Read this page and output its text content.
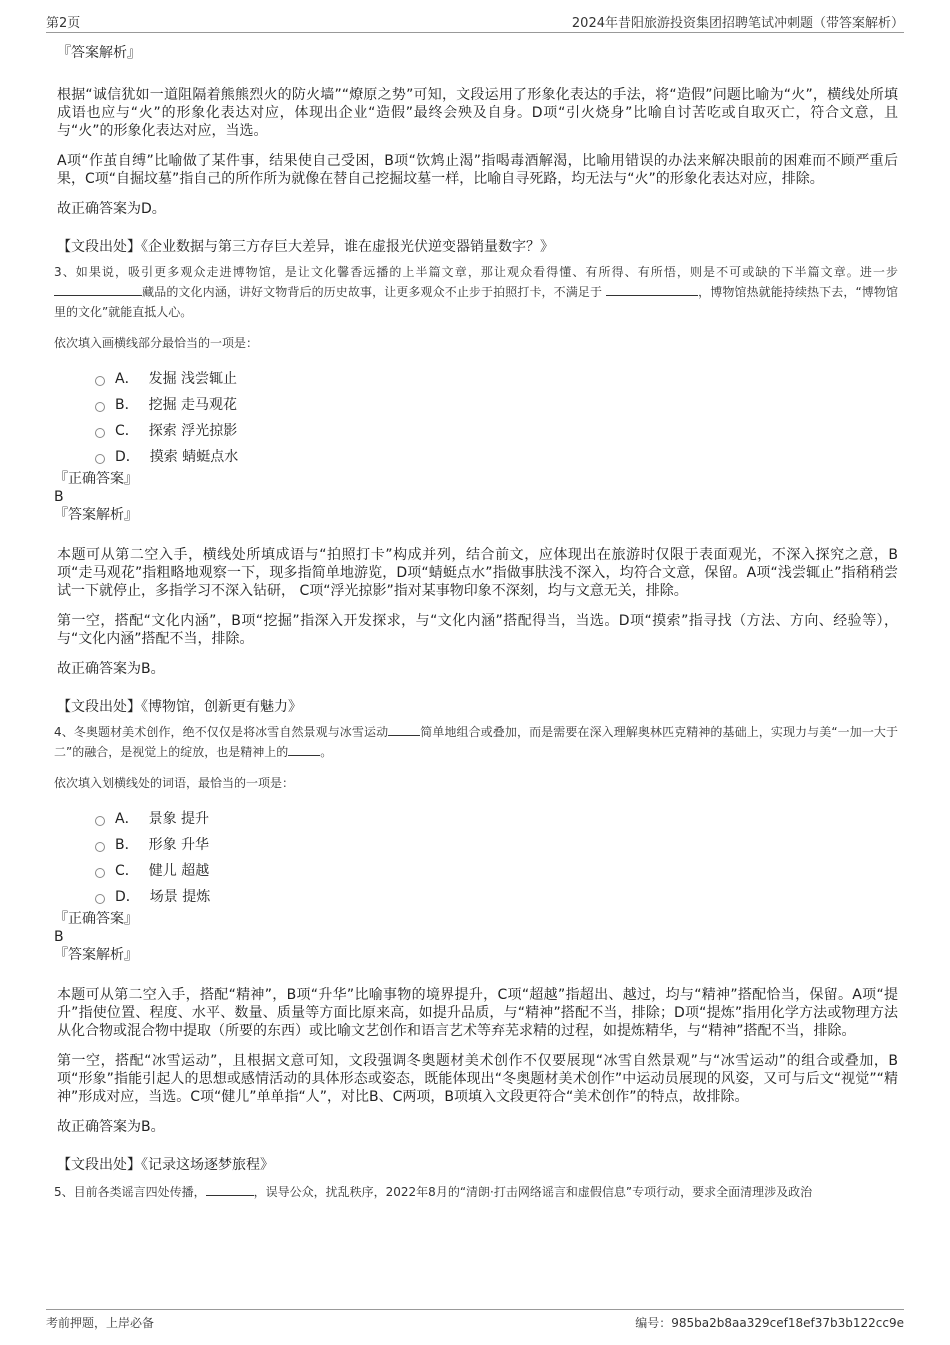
第2页	2024年昔阳旅游投资集团招聘笔试冲刺题（带答案解析）
『答案解析』

根据“诚信犹如一道阻隔着熊熊烈火的防火墙”“燎原之势”可知，文段运用了形象化表达的手法，将“造假”问题比喻为“火”，横线处所填成语也应与“火”的形象化表达对应，体现出企业“造假”最终会殃及自身。D项“引火烧身”比喻自讨苦吃或自取灭亡，符合文意，且与“火”的形象化表达对应，当选。

A项“作茧自缚”比喻做了某件事，结果使自己受困，B项“饮鸩止渴”指喝毒酒解渴，比喻用错误的办法来解决眼前的困难而不顾严重后果，C项“自掘坟墓”指自己的所作所为就像在替自己挖掘坟墓一样，比喻自寻死路，均无法与“火”的形象化表达对应，排除。

故正确答案为D。

【文段出处】《企业数据与第三方存巨大差异，谁在虚报光伏逆变器销量数字？》

3、如果说，吸引更多观众走进博物馆，是让文化馨香远播的上半篇文章，那让观众看得懂、有所得、有所悟，则是不可或缺的下半篇文章。进一步 藏品的文化内涵，讲好文物背后的历史故事，让更多观众不止步于拍照打卡，不满足于	，博物馆热就能持续热下去，“博物馆里的文化”就能直抵人心。

依次填入画横线部分最恰当的一项是：

A． 发掘 浅尝辄止
B． 挖掘 走马观花
C． 探索 浮光掠影
D． 摸索 蜻蜓点水
『正确答案』
B
『答案解析』

本题可从第二空入手，横线处所填成语与“拍照打卡”构成并列，结合前文，应体现出在旅游时仅限于表面观光，不深入探究之意，B项“走马观花”指粗略地观察一下，现多指简单地游览，D项“蜻蜓点水”指做事肤浅不深入，均符合文意，保留。A项“浅尝辄止”指稍稍尝试一下就停止，多指学习不深入钻研， C项“浮光掠影”指对某事物印象不深刻，均与文意无关，排除。

第一空，搭配“文化内涵”，B项“挖掘”指深入开发探求，与“文化内涵”搭配得当，当选。D项“摸索”指寻找（方法、方向、经验等），与“文化内涵”搭配不当，排除。

故正确答案为B。

【文段出处】《博物馆，创新更有魅力》

4、冬奥题材美术创作，绝不仅仅是将冰雪自然景观与冰雪运动	简单地组合或叠加，而是需要在深入理解奥林匹克精神的基础上，实现力与美“一加一大于二”的融合，是视觉上的绽放，也是精神上的	。

依次填入划横线处的词语，最恰当的一项是：

A． 景象 提升
B． 形象 升华
C． 健儿 超越
D． 场景 提炼
『正确答案』
B
『答案解析』

本题可从第二空入手，搭配“精神”，B项“升华”比喻事物的境界提升，C项“超越”指超出、越过，均与“精神”搭配恰当，保留。A项“提升”指使位置、程度、水平、数量、质量等方面比原来高，如提升品质，与“精神”搭配不当，排除；D项“提炼”指用化学方法或物理方法从化合物或混合物中提取（所要的东西）或比喻文艺创作和语言艺术等弃芜求精的过程，如提炼精华，与“精神”搭配不当，排除。

第一空，搭配“冰雪运动”，且根据文意可知，文段强调冬奥题材美术创作不仅要展现“冰雪自然景观”与“冰雪运动”的组合或叠加，B项“形象”指能引起人的思想或感情活动的具体形态或姿态，既能体现出“冬奥题材美术创作”中运动员展现的风姿，又可与后文“视觉”“精神”形成对应，当选。C项“健儿”单单指“人”，对比B、C两项，B项填入文段更符合“美术创作”的特点，故排除。

故正确答案为B。

【文段出处】《记录这场逐梦旅程》

5、目前各类谣言四处传播，	，误导公众，扰乱秩序，2022年8月的“清朗·打击网络谣言和虚假信息”专项行动，要求全面清理涉及政治

考前押题，上岸必备	编号：985ba2b8aa329cef18ef37b3b122cc9e
